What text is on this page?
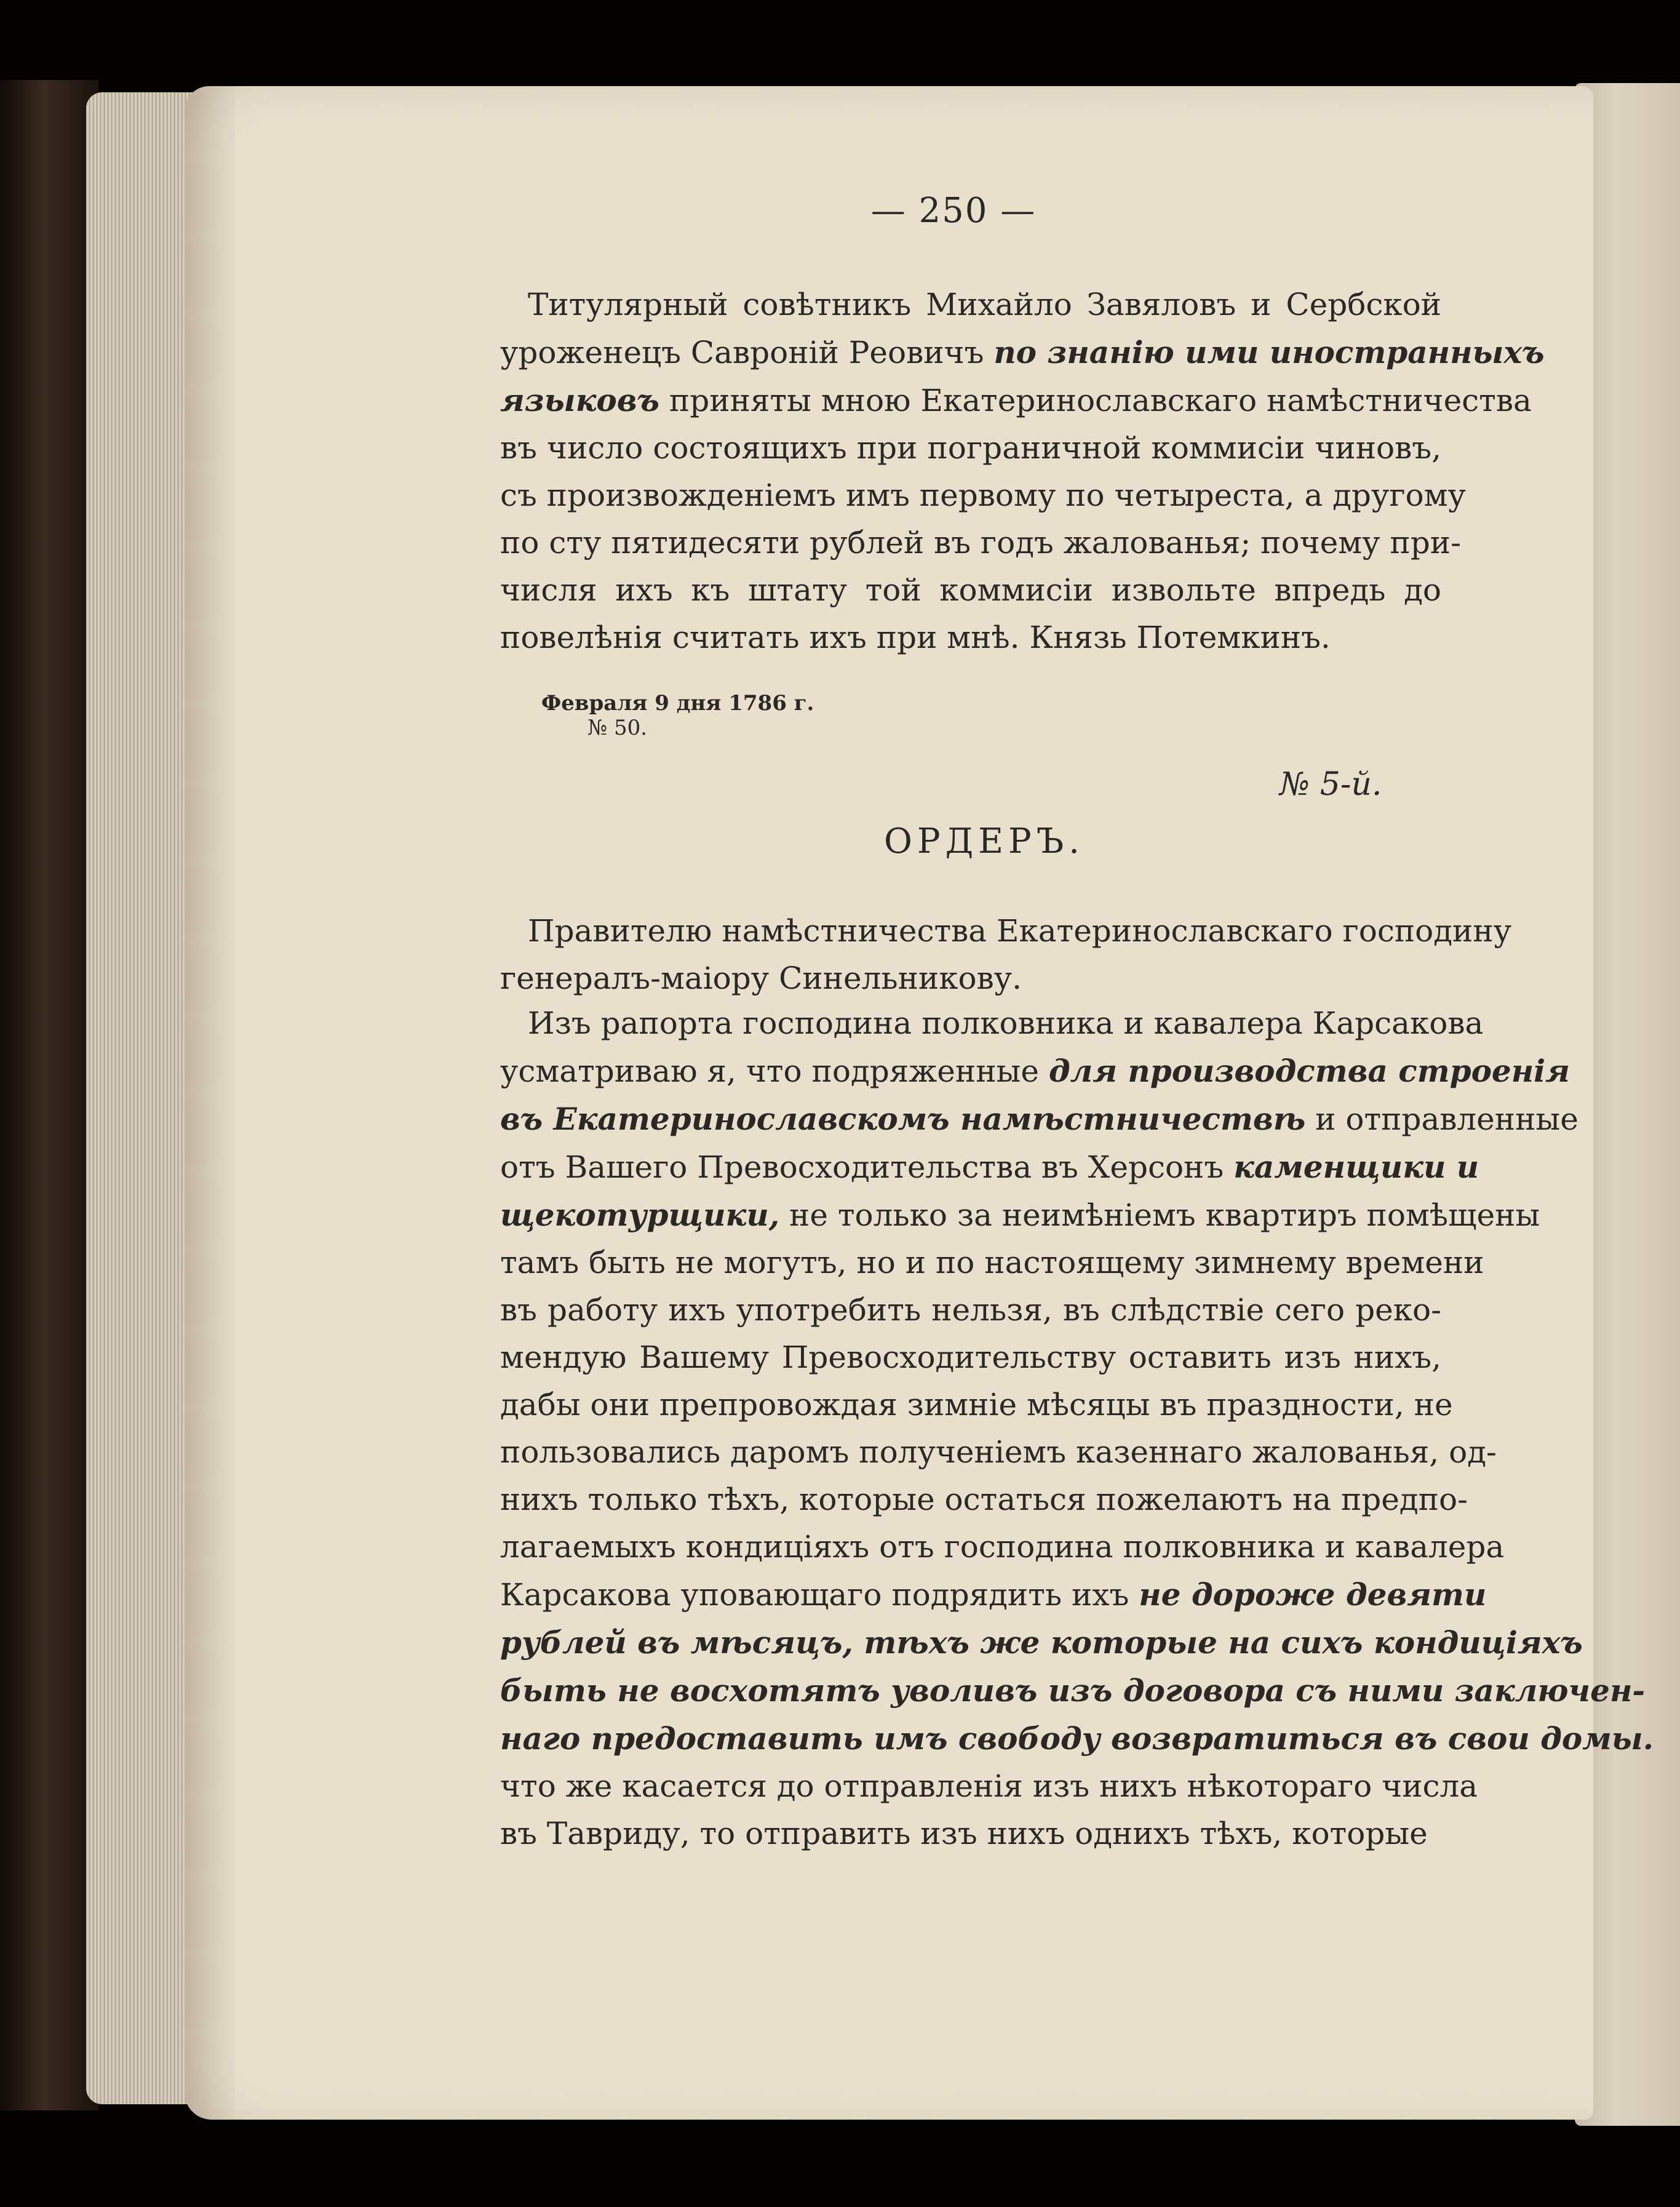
— 250 —
Титулярный совѣтникъ Михайло Завяловъ и Сербской
уроженецъ Савроній Реовичъ по знанію ими иностранныхъ
языковъ приняты мною Екатеринославскаго намѣстничества
въ число состоящихъ при пограничной коммисіи чиновъ,
съ произвожденіемъ имъ первому по четыреста, а другому
по сту пятидесяти рублей въ годъ жалованья; почему при-
числя ихъ къ штату той коммисіи извольте впредь до
повелѣнія считать ихъ при мнѣ. Князь Потемкинъ.
Февраля 9 дня 1786 г.
№ 50.
№ 5-й.
ОРДЕРЪ.
Правителю намѣстничества Екатеринославскаго господину
генералъ-маіору Синельникову.
Изъ рапорта господина полковника и кавалера Карсакова
усматриваю я, что подряженные для производства строенія
въ Екатеринославскомъ намѣстничествѣ и отправленные
отъ Вашего Превосходительства въ Херсонъ каменщики и
щекотурщики, не только за неимѣніемъ квартиръ помѣщены
тамъ быть не могутъ, но и по настоящему зимнему времени
въ работу ихъ употребить нельзя, въ слѣдствіе сего реко-
мендую Вашему Превосходительству оставить изъ нихъ,
дабы они препровождая зимніе мѣсяцы въ праздности, не
пользовались даромъ полученіемъ казеннаго жалованья, од-
нихъ только тѣхъ, которые остаться пожелаютъ на предпо-
лагаемыхъ кондиціяхъ отъ господина полковника и кавалера
Карсакова уповающаго подрядить ихъ не дороже девяти
рублей въ мѣсяцъ, тѣхъ же которые на сихъ кондиціяхъ
быть не восхотятъ уволивъ изъ договора съ ними заключен-
наго предоставить имъ свободу возвратиться въ свои домы.
что же касается до отправленія изъ нихъ нѣкотораго числа
въ Тавриду, то отправить изъ нихъ однихъ тѣхъ, которые
